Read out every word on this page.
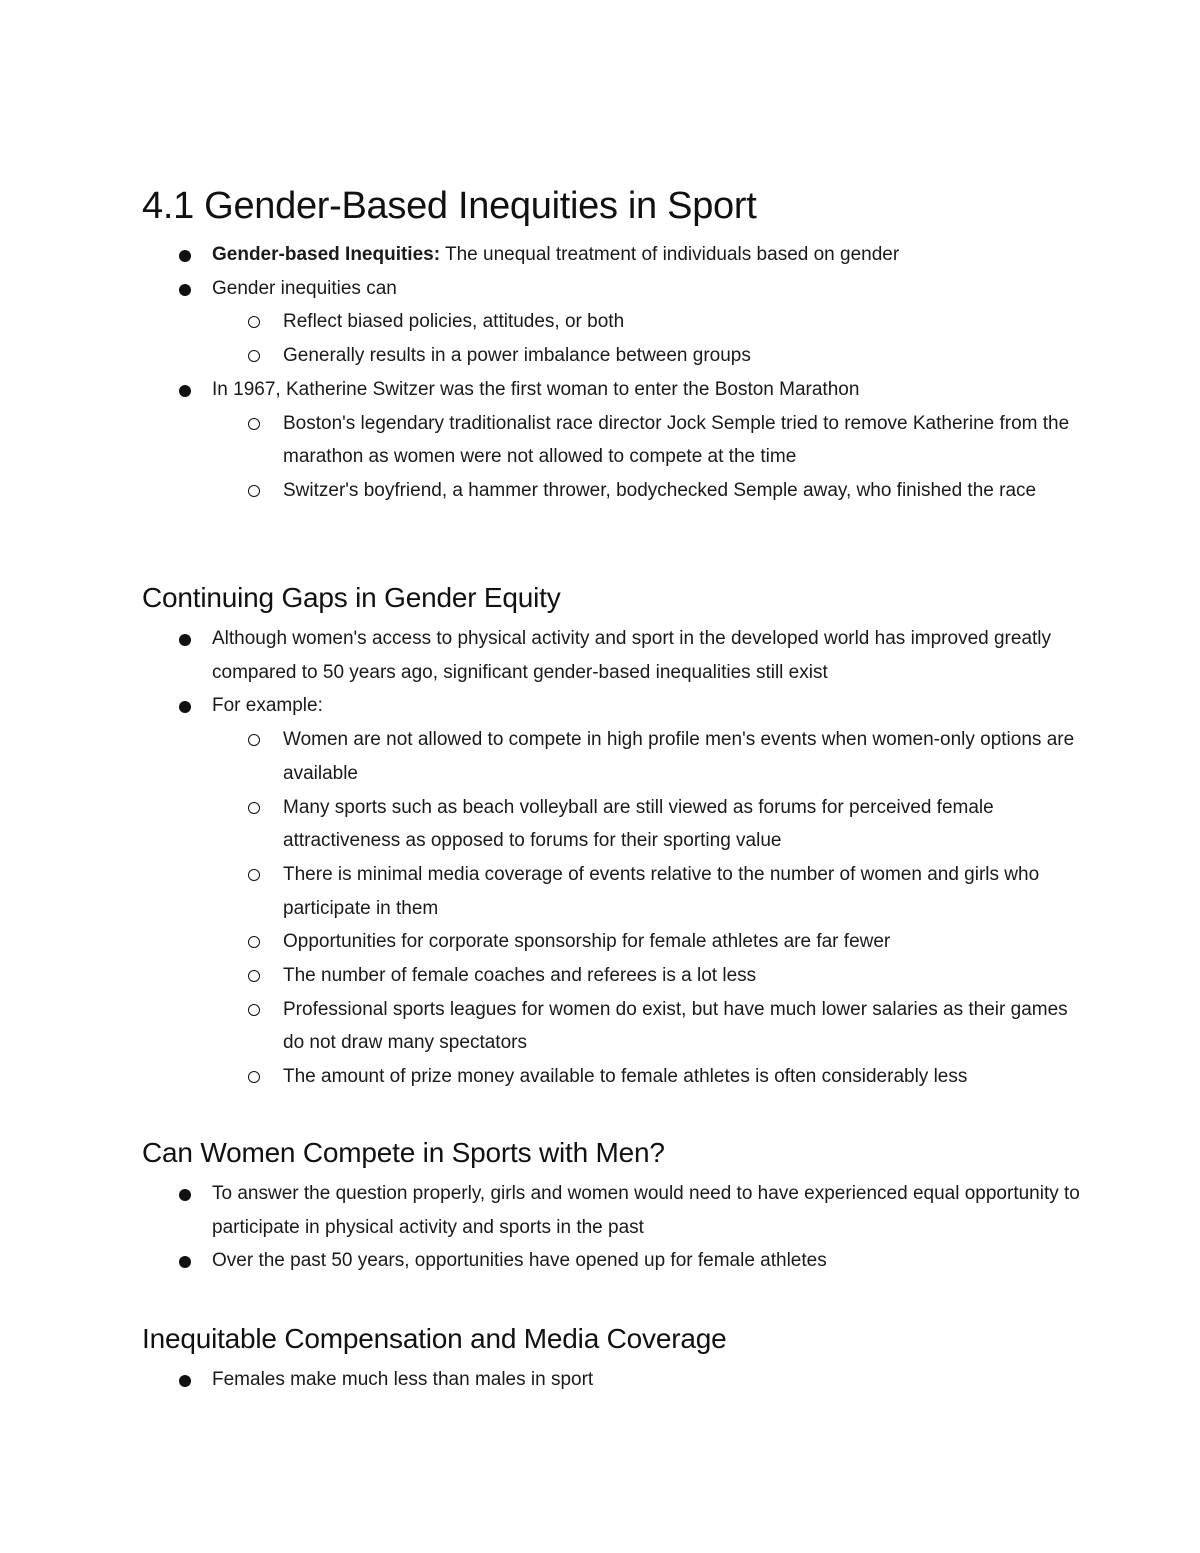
4.1 Gender-Based Inequities in Sport
Gender-based Inequities: The unequal treatment of individuals based on gender
Gender inequities can
Reflect biased policies, attitudes, or both
Generally results in a power imbalance between groups
In 1967, Katherine Switzer was the first woman to enter the Boston Marathon
Boston's legendary traditionalist race director Jock Semple tried to remove Katherine from the marathon as women were not allowed to compete at the time
Switzer's boyfriend, a hammer thrower, bodychecked Semple away, who finished the race
Continuing Gaps in Gender Equity
Although women's access to physical activity and sport in the developed world has improved greatly compared to 50 years ago, significant gender-based inequalities still exist
For example:
Women are not allowed to compete in high profile men's events when women-only options are available
Many sports such as beach volleyball are still viewed as forums for perceived female attractiveness as opposed to forums for their sporting value
There is minimal media coverage of events relative to the number of women and girls who participate in them
Opportunities for corporate sponsorship for female athletes are far fewer
The number of female coaches and referees is a lot less
Professional sports leagues for women do exist, but have much lower salaries as their games do not draw many spectators
The amount of prize money available to female athletes is often considerably less
Can Women Compete in Sports with Men?
To answer the question properly, girls and women would need to have experienced equal opportunity to participate in physical activity and sports in the past
Over the past 50 years, opportunities have opened up for female athletes
Inequitable Compensation and Media Coverage
Females make much less than males in sport
